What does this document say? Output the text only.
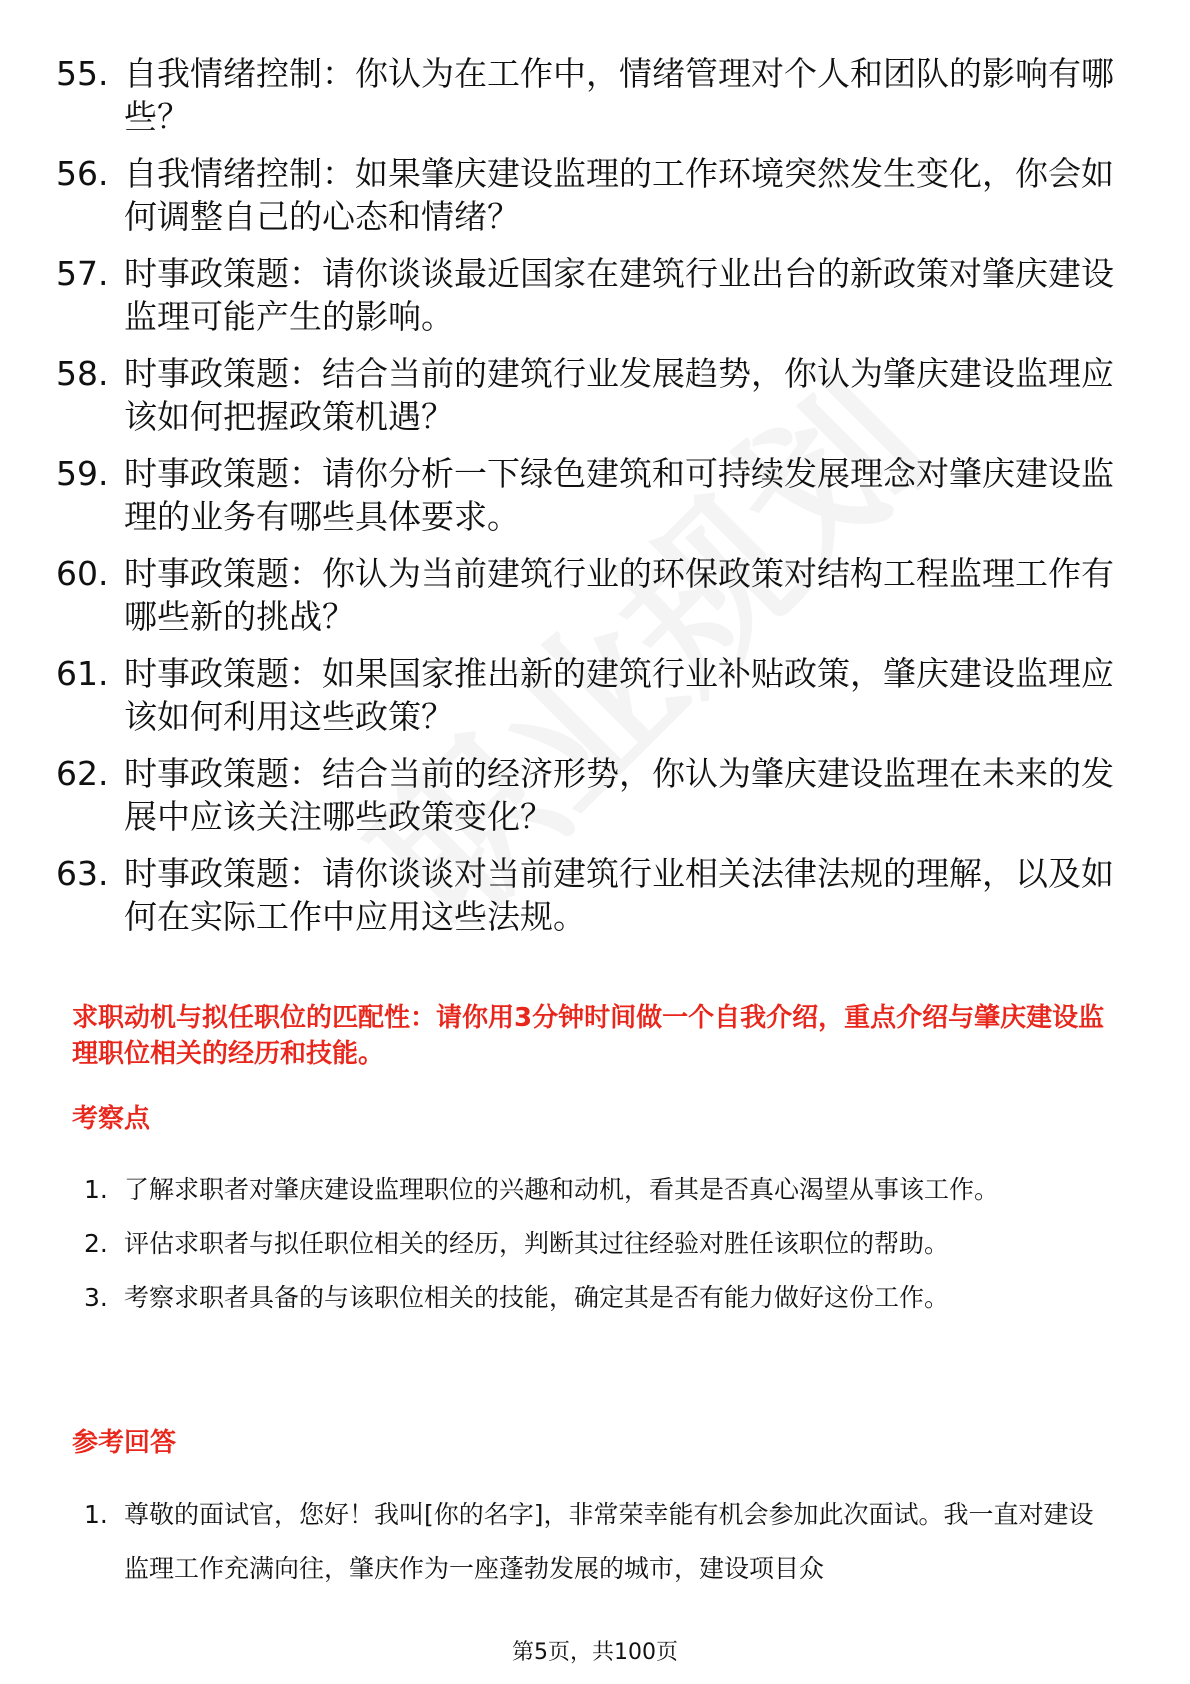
55. 自我情绪控制：你认为在工作中，情绪管理对个人和团队的影响有哪些？
56. 自我情绪控制：如果肇庆建设监理的工作环境突然发生变化，你会如何调整自己的心态和情绪？
57. 时事政策题：请你谈谈最近国家在建筑行业出台的新政策对肇庆建设监理可能产生的影响。
58. 时事政策题：结合当前的建筑行业发展趋势，你认为肇庆建设监理应该如何把握政策机遇？
59. 时事政策题：请你分析一下绿色建筑和可持续发展理念对肇庆建设监理的业务有哪些具体要求。
60. 时事政策题：你认为当前建筑行业的环保政策对结构工程监理工作有哪些新的挑战？
61. 时事政策题：如果国家推出新的建筑行业补贴政策，肇庆建设监理应该如何利用这些政策？
62. 时事政策题：结合当前的经济形势，你认为肇庆建设监理在未来的发展中应该关注哪些政策变化？
63. 时事政策题：请你谈谈对当前建筑行业相关法律法规的理解，以及如何在实际工作中应用这些法规。

求职动机与拟任职位的匹配性：请你用3分钟时间做一个自我介绍，重点介绍与肇庆建设监理职位相关的经历和技能。

考察点
1. 了解求职者对肇庆建设监理职位的兴趣和动机，看其是否真心渴望从事该工作。
2. 评估求职者与拟任职位相关的经历，判断其过往经验对胜任该职位的帮助。
3. 考察求职者具备的与该职位相关的技能，确定其是否有能力做好这份工作。
参考回答
1. 尊敬的面试官，您好！我叫[你的名字]，非常荣幸能有机会参加此次面试。我一直对建设监理工作充满向往，肇庆作为一座蓬勃发展的城市，建设项目众
第5页，共100页
